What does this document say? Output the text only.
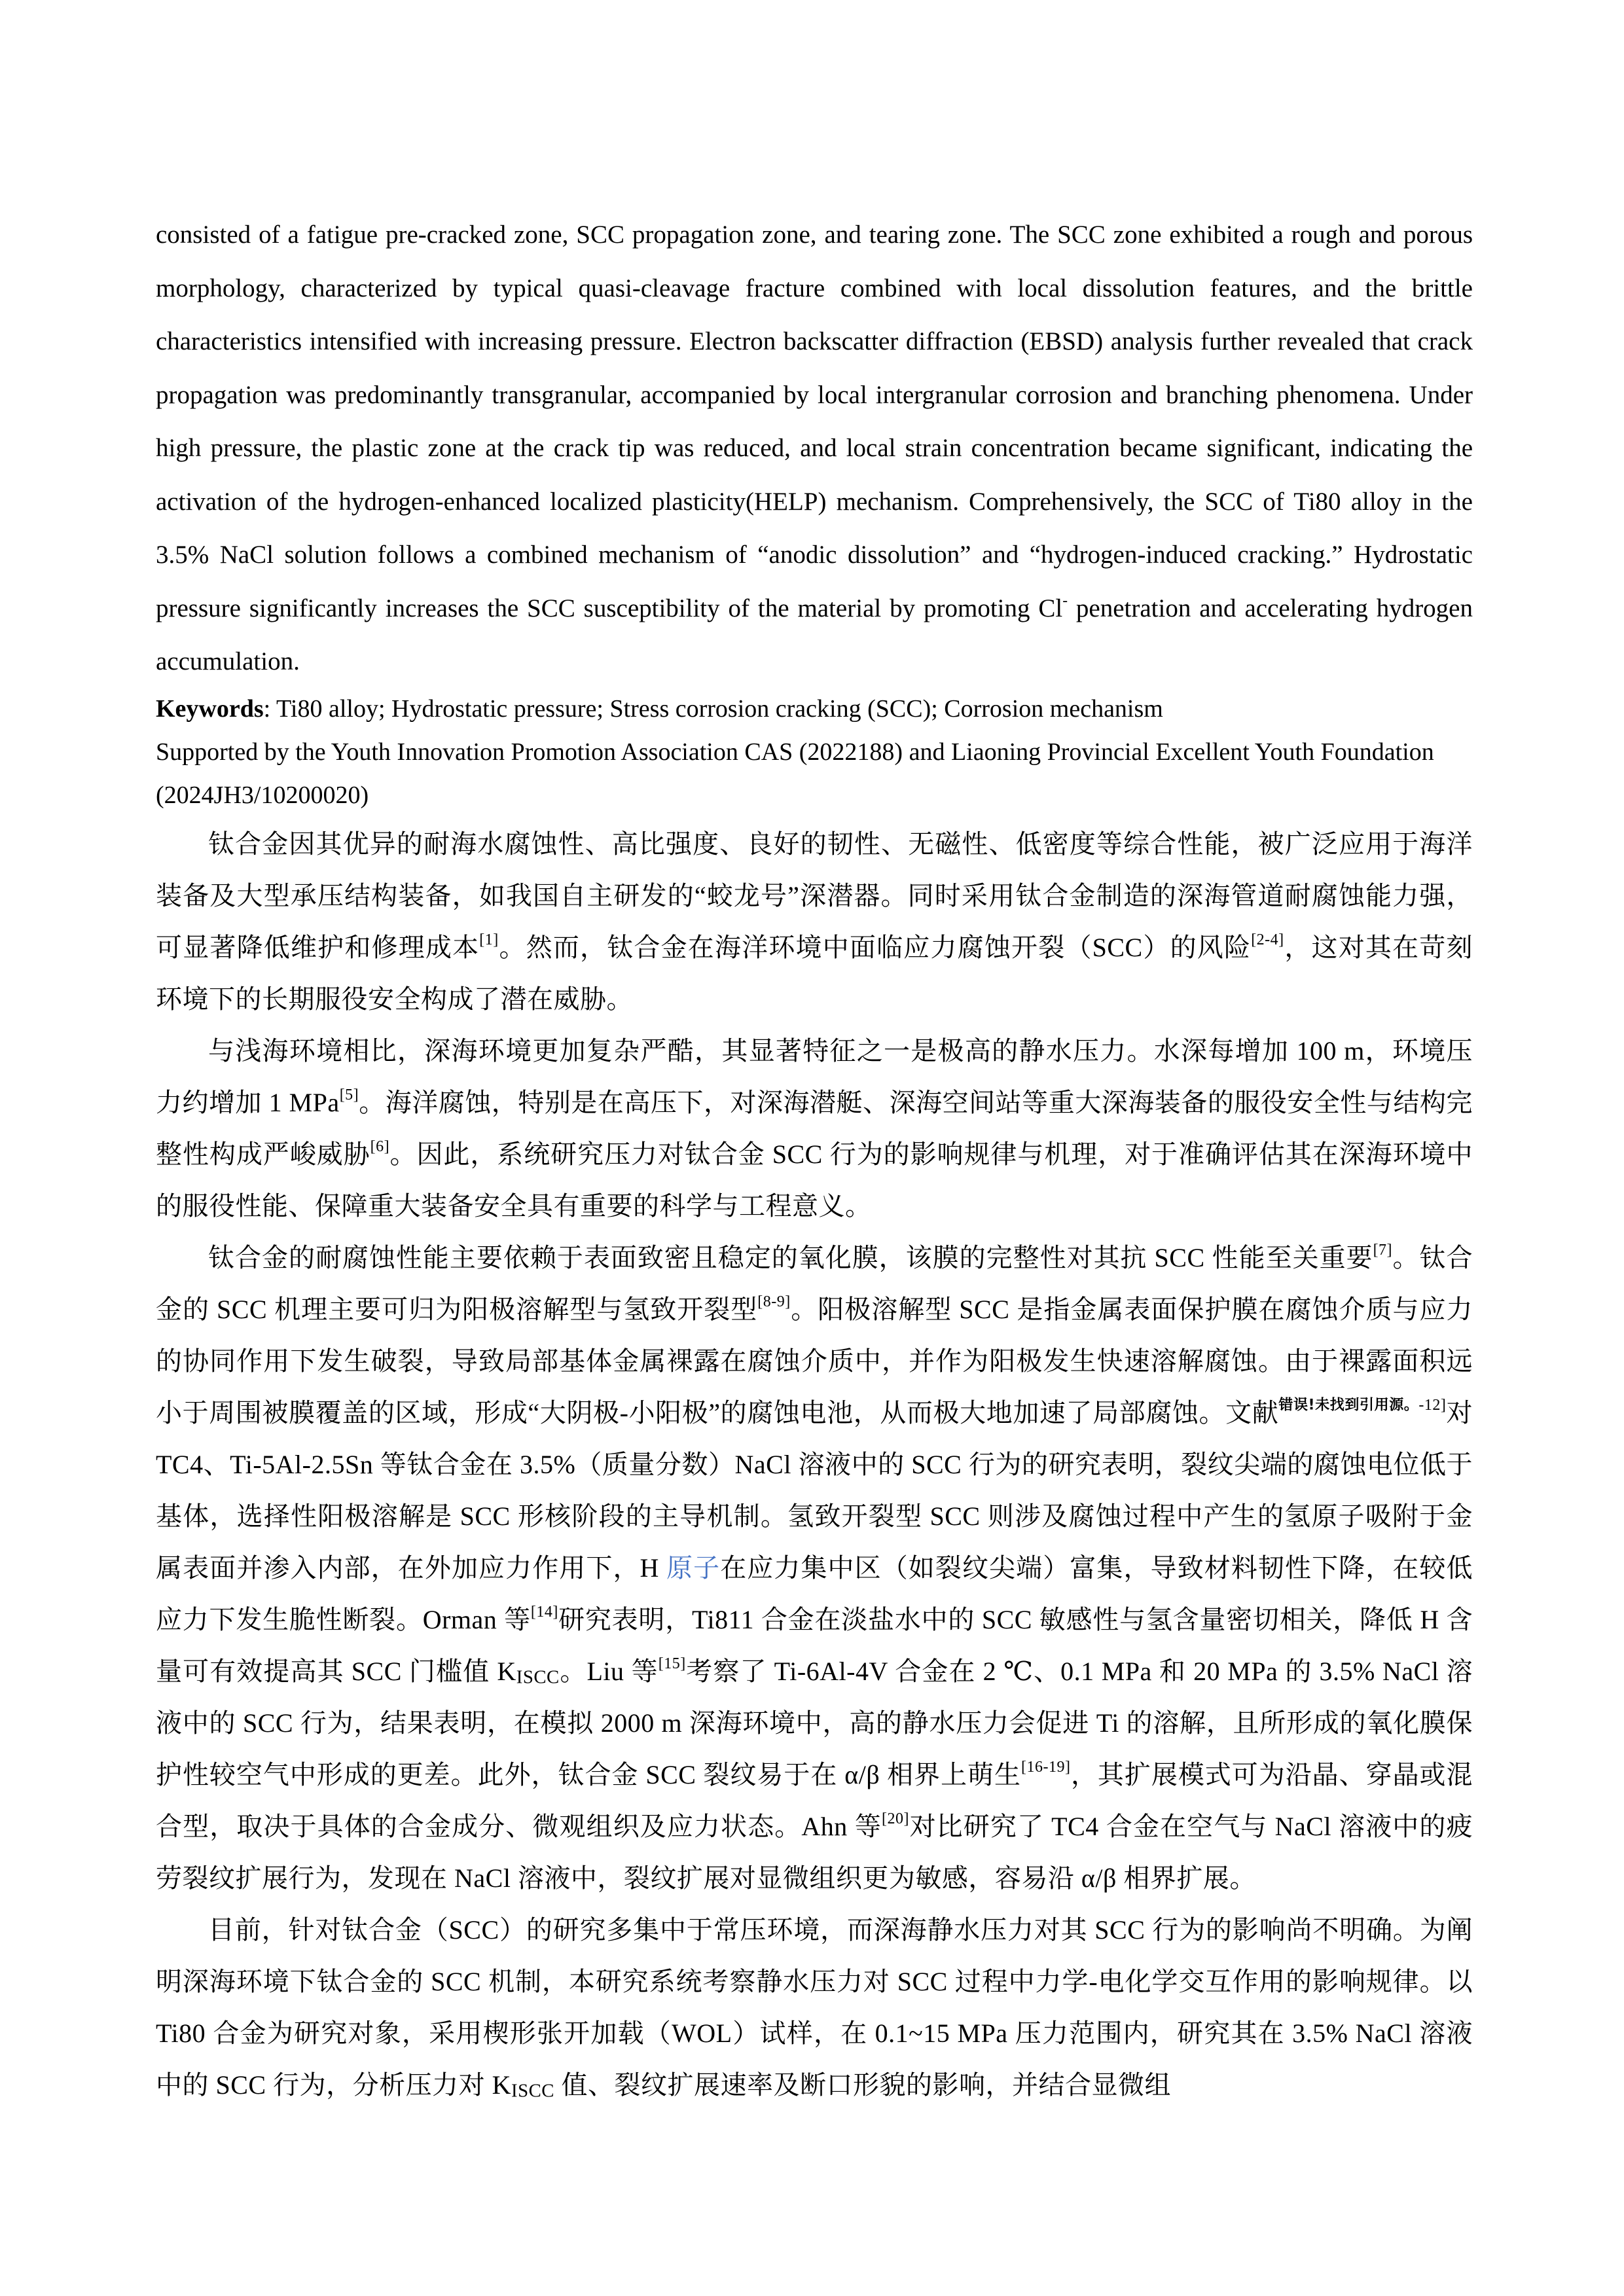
consisted of a fatigue pre-cracked zone, SCC propagation zone, and tearing zone. The SCC zone exhibited a rough and porous morphology, characterized by typical quasi-cleavage fracture combined with local dissolution features, and the brittle characteristics intensified with increasing pressure. Electron backscatter diffraction (EBSD) analysis further revealed that crack propagation was predominantly transgranular, accompanied by local intergranular corrosion and branching phenomena. Under high pressure, the plastic zone at the crack tip was reduced, and local strain concentration became significant, indicating the activation of the hydrogen-enhanced localized plasticity(HELP) mechanism. Comprehensively, the SCC of Ti80 alloy in the 3.5% NaCl solution follows a combined mechanism of “anodic dissolution” and “hydrogen-induced cracking.” Hydrostatic pressure significantly increases the SCC susceptibility of the material by promoting Cl- penetration and accelerating hydrogen accumulation.

Keywords: Ti80 alloy; Hydrostatic pressure; Stress corrosion cracking (SCC); Corrosion mechanism

Supported by the Youth Innovation Promotion Association CAS (2022188) and Liaoning Provincial Excellent Youth Foundation (2024JH3/10200020)

钛合金因其优异的耐海水腐蚀性、高比强度、良好的韧性、无磁性、低密度等综合性能，被广泛应用于海洋装备及大型承压结构装备，如我国自主研发的“蛟龙号”深潜器。同时采用钛合金制造的深海管道耐腐蚀能力强，可显著降低维护和修理成本[1]。然而，钛合金在海洋环境中面临应力腐蚀开裂（SCC）的风险[2-4]，这对其在苛刻环境下的长期服役安全构成了潜在威胁。

与浅海环境相比，深海环境更加复杂严酷，其显著特征之一是极高的静水压力。水深每增加 100 m，环境压力约增加 1 MPa[5]。海洋腐蚀，特别是在高压下，对深海潜艇、深海空间站等重大深海装备的服役安全性与结构完整性构成严峻威胁[6]。因此，系统研究压力对钛合金 SCC 行为的影响规律与机理，对于准确评估其在深海环境中的服役性能、保障重大装备安全具有重要的科学与工程意义。

钛合金的耐腐蚀性能主要依赖于表面致密且稳定的氧化膜，该膜的完整性对其抗 SCC 性能至关重要[7]。钛合金的 SCC 机理主要可归为阳极溶解型与氢致开裂型[8-9]。阳极溶解型 SCC 是指金属表面保护膜在腐蚀介质与应力的协同作用下发生破裂，导致局部基体金属裸露在腐蚀介质中，并作为阳极发生快速溶解腐蚀。由于裸露面积远小于周围被膜覆盖的区域，形成“大阴极-小阳极”的腐蚀电池，从而极大地加速了局部腐蚀。文献$^{错误!未找到引用源。-12]}$对 TC4、Ti-5Al-2.5Sn 等钛合金在 3.5%（质量分数）NaCl 溶液中的 SCC 行为的研究表明，裂纹尖端的腐蚀电位低于基体，选择性阳极溶解是 SCC 形核阶段的主导机制。氢致开裂型 SCC 则涉及腐蚀过程中产生的氢原子吸附于金属表面并渗入内部，在外加应力作用下，H 原子在应力集中区（如裂纹尖端）富集，导致材料韧性下降，在较低应力下发生脆性断裂。Orman 等[14]研究表明，Ti811 合金在淡盐水中的 SCC 敏感性与氢含量密切相关，降低 H 含量可有效提高其 SCC 门槛值 $K_{ISCC}$。Liu 等[15]考察了 Ti-6Al-4V 合金在 2 ℃、0.1 MPa 和 20 MPa 的 3.5% NaCl 溶液中的 SCC 行为，结果表明，在模拟 2000 m 深海环境中，高的静水压力会促进 Ti 的溶解，且所形成的氧化膜保护性较空气中形成的更差。此外，钛合金 SCC 裂纹易于在 α/β 相界上萌生[16-19]，其扩展模式可为沿晶、穿晶或混合型，取决于具体的合金成分、微观组织及应力状态。Ahn 等[20]对比研究了 TC4 合金在空气与 NaCl 溶液中的疲劳裂纹扩展行为，发现在 NaCl 溶液中，裂纹扩展对显微组织更为敏感，容易沿 α/β 相界扩展。

目前，针对钛合金（SCC）的研究多集中于常压环境，而深海静水压力对其 SCC 行为的影响尚不明确。为阐明深海环境下钛合金的 SCC 机制，本研究系统考察静水压力对 SCC 过程中力学-电化学交互作用的影响规律。以 Ti80 合金为研究对象，采用楔形张开加载（WOL）试样，在 0.1~15 MPa 压力范围内，研究其在 3.5% NaCl 溶液中的 SCC 行为，分析压力对 $K_{ISCC}$ 值、裂纹扩展速率及断口形貌的影响，并结合显微组
